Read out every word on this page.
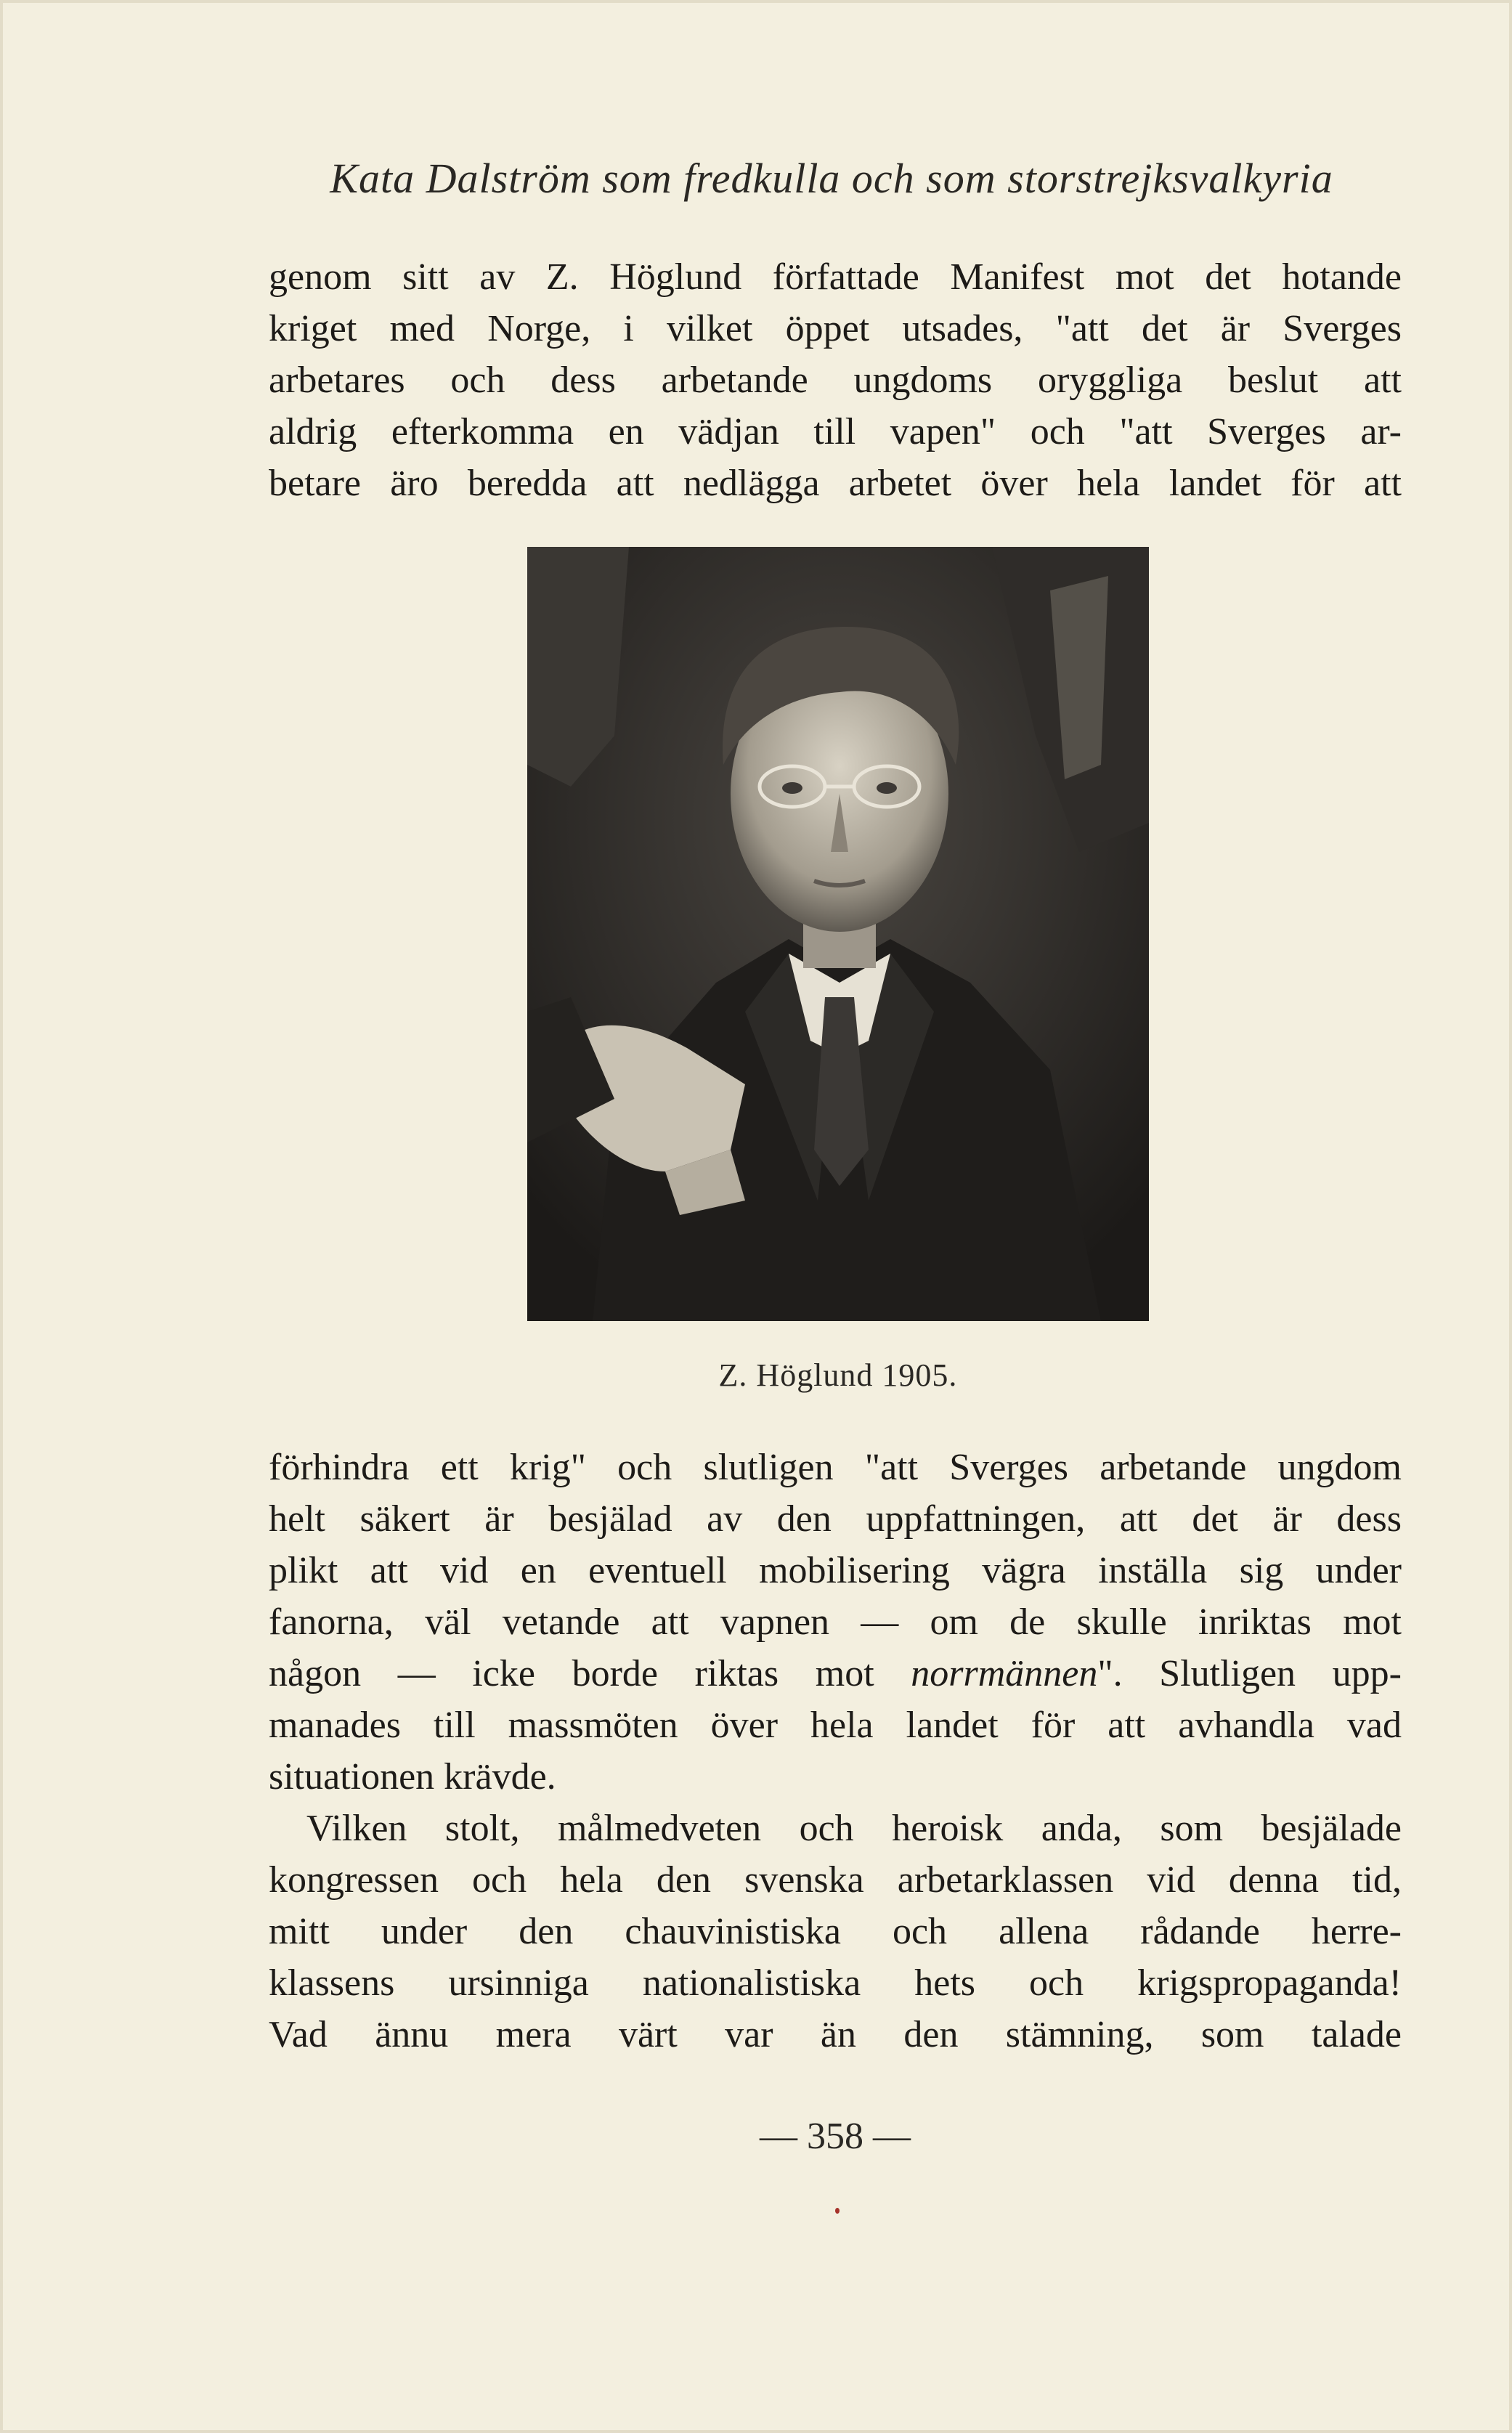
Kata Dalström som fredkulla och som storstrejksvalkyria
genom sitt av Z. Höglund författade Manifest mot det hotande
kriget med Norge, i vilket öppet utsades, "att det är Sverges
arbetares och dess arbetande ungdoms oryggliga beslut att
aldrig efterkomma en vädjan till vapen" och "att Sverges ar-
betare äro beredda att nedlägga arbetet över hela landet för att
Z. Höglund 1905.
förhindra ett krig" och slutligen "att Sverges arbetande ungdom
helt säkert är besjälad av den uppfattningen, att det är dess
plikt att vid en eventuell mobilisering vägra inställa sig under
fanorna, väl vetande att vapnen — om de skulle inriktas mot
någon — icke borde riktas mot norrmännen". Slutligen upp-
manades till massmöten över hela landet för att avhandla vad
situationen krävde.
Vilken stolt, målmedveten och heroisk anda, som besjälade
kongressen och hela den svenska arbetarklassen vid denna tid,
mitt under den chauvinistiska och allena rådande herre-
klassens ursinniga nationalistiska hets och krigspropaganda!
Vad ännu mera värt var än den stämning, som talade
— 358 —
